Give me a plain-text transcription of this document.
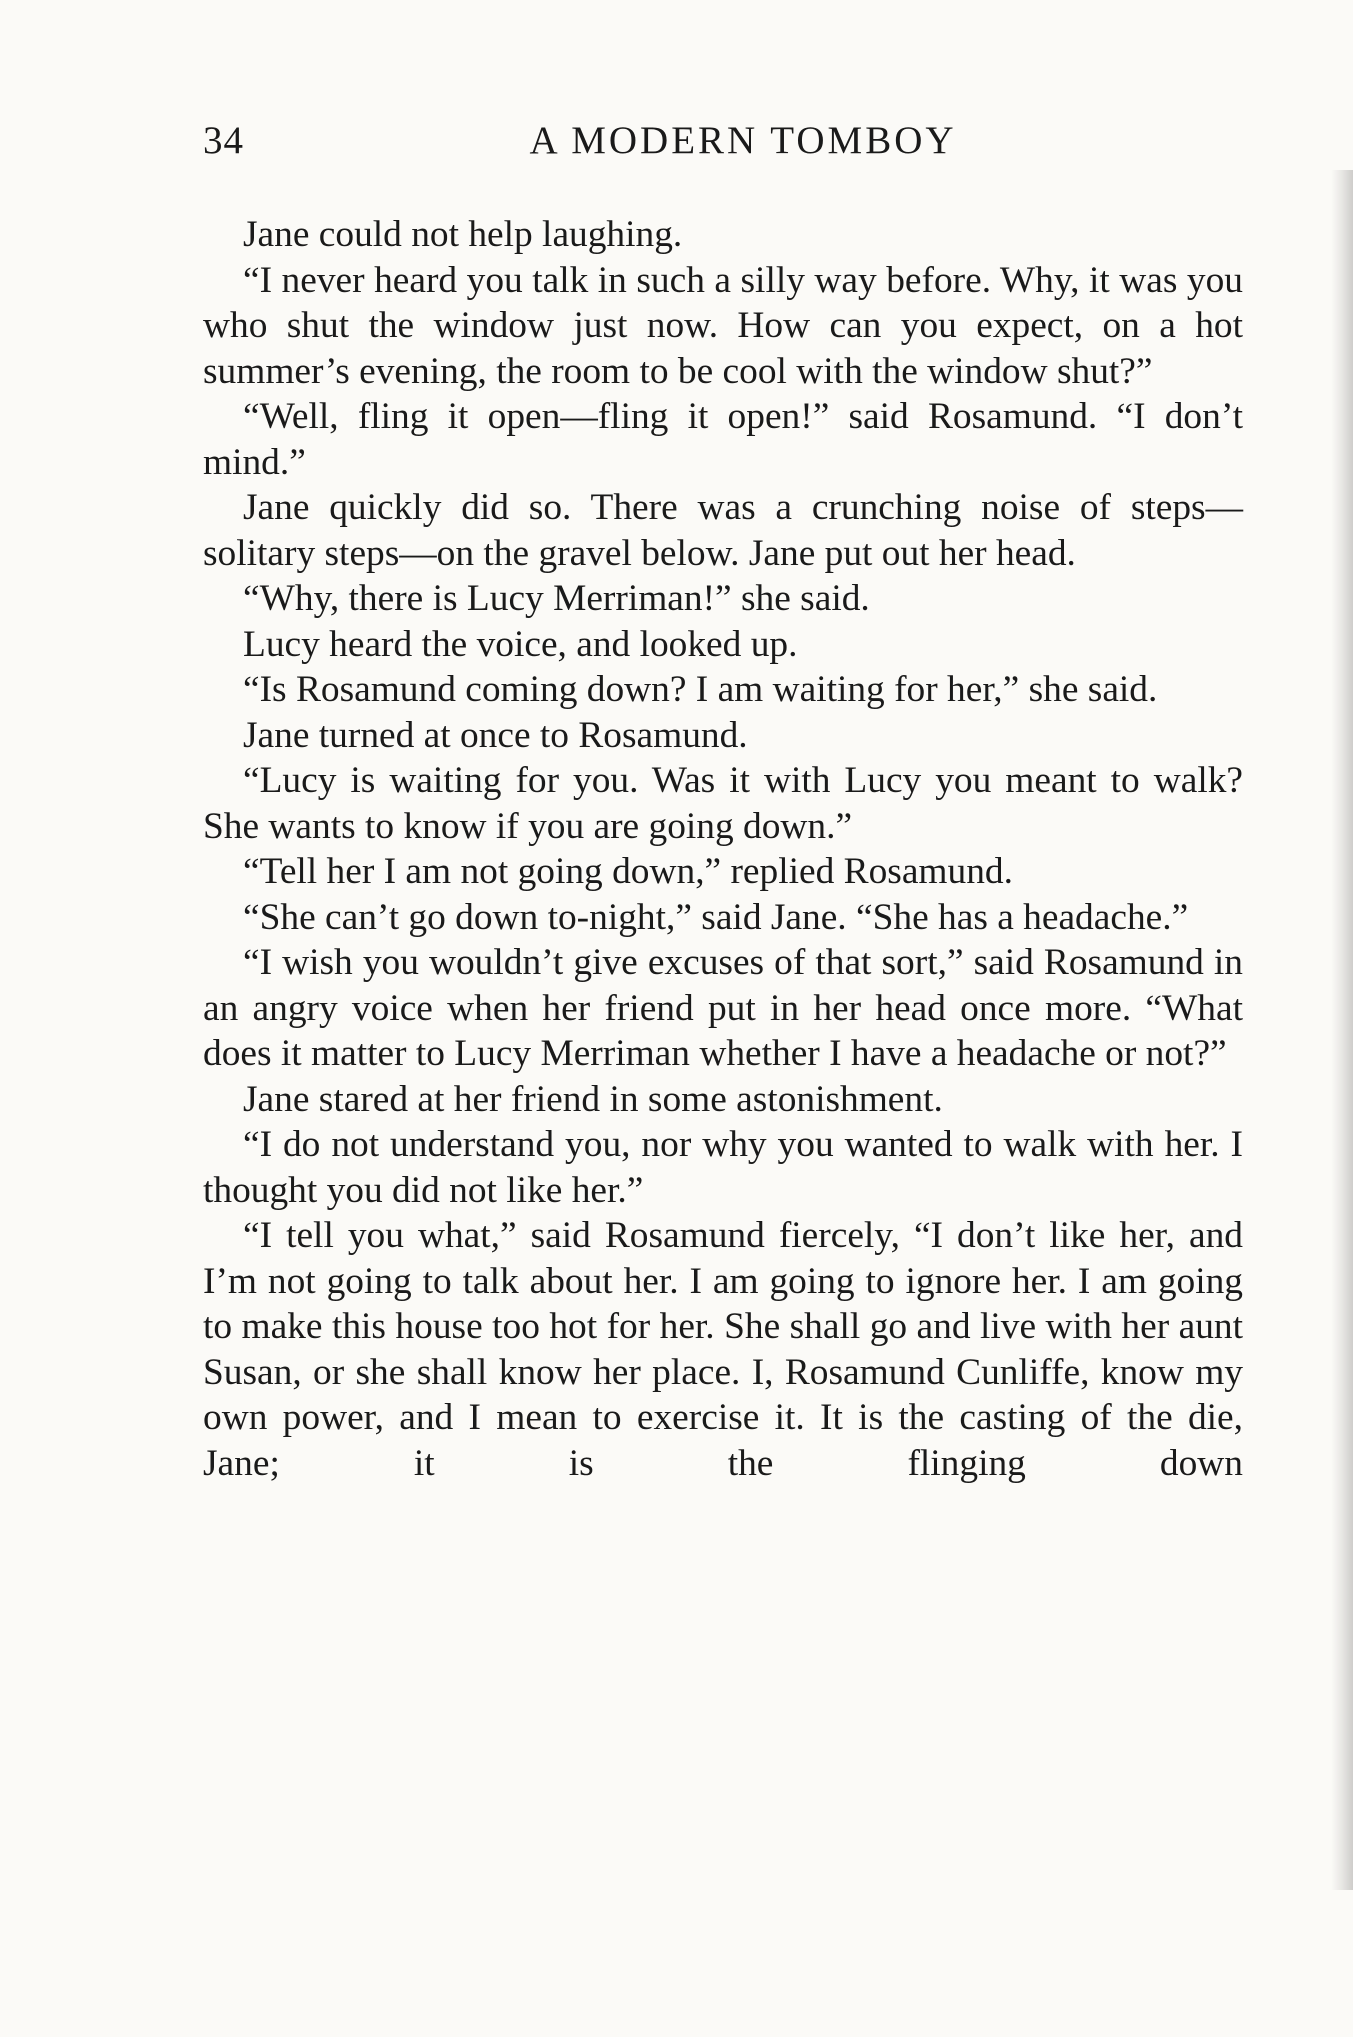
34	A MODERN TOMBOY

Jane could not help laughing.

“I never heard you talk in such a silly way before. Why, it was you who shut the window just now. How can you expect, on a hot summer’s evening, the room to be cool with the window shut?”

“Well, fling it open—fling it open!” said Rosamund. “I don’t mind.”

Jane quickly did so. There was a crunching noise of steps—solitary steps—on the gravel below. Jane put out her head.

“Why, there is Lucy Merriman!” she said.

Lucy heard the voice, and looked up.

“Is Rosamund coming down? I am waiting for her,” she said.

Jane turned at once to Rosamund.

“Lucy is waiting for you. Was it with Lucy you meant to walk? She wants to know if you are going down.”

“Tell her I am not going down,” replied Rosamund.

“She can’t go down to-night,” said Jane. “She has a headache.”

“I wish you wouldn’t give excuses of that sort,” said Rosamund in an angry voice when her friend put in her head once more. “What does it matter to Lucy Merriman whether I have a headache or not?”

Jane stared at her friend in some astonishment.

“I do not understand you, nor why you wanted to walk with her. I thought you did not like her.”

“I tell you what,” said Rosamund fiercely, “I don’t like her, and I’m not going to talk about her. I am going to ignore her. I am going to make this house too hot for her. She shall go and live with her aunt Susan, or she shall know her place. I, Rosamund Cunliffe, know my own power, and I mean to exercise it. It is the casting of the die, Jane; it is the flinging down
